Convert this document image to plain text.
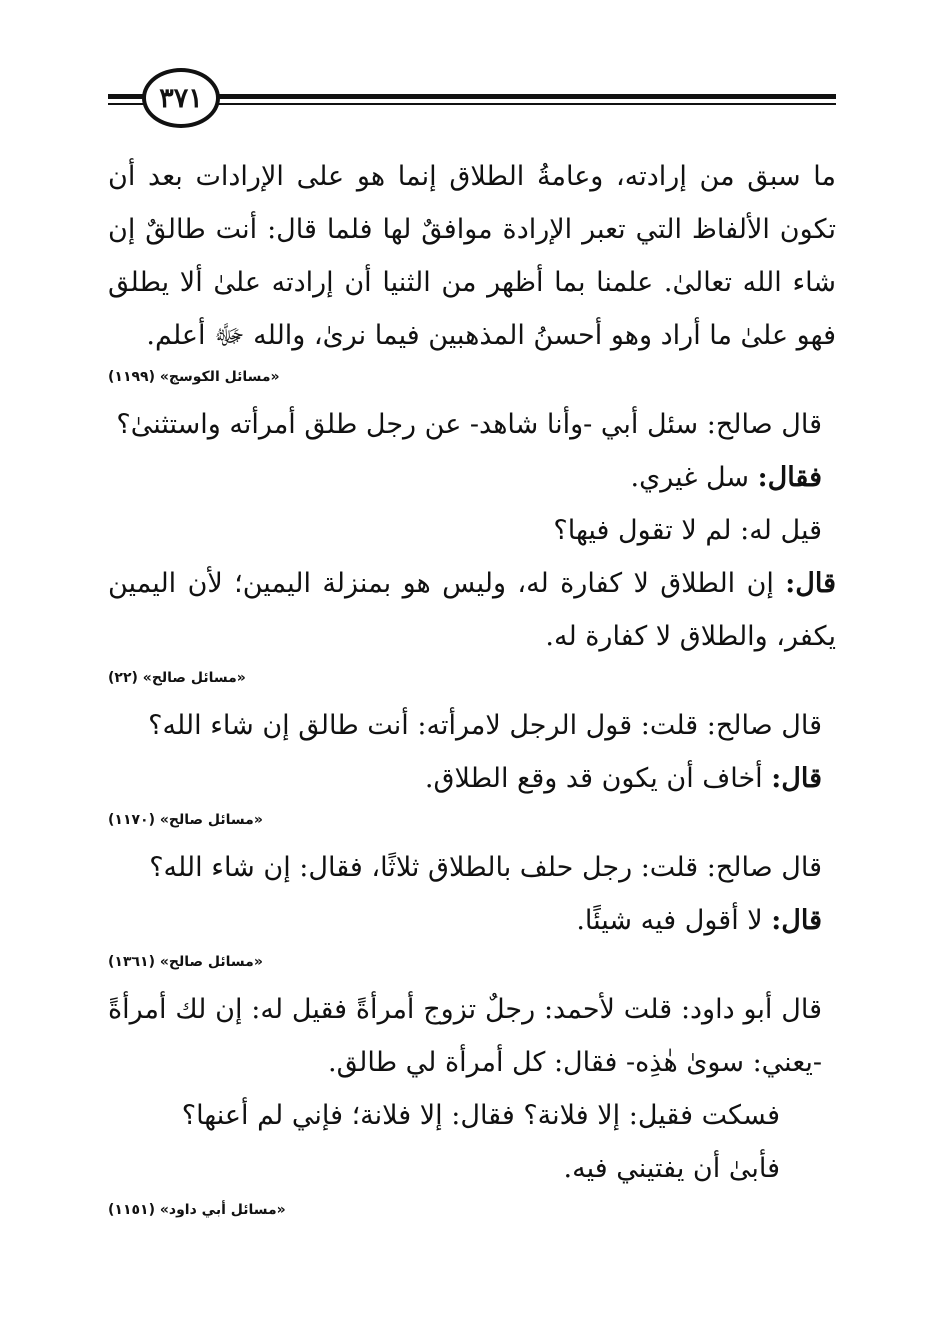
٣٧١

ما سبق من إرادته، وعامةُ الطلاق إنما هو على الإرادات بعد أن تكون الألفاظ التي تعبر الإرادة موافقٌ لها فلما قال: أنت طالقٌ إن شاء الله تعالىٰ. علمنا بما أظهر من الثنيا أن إرادته علىٰ ألا يطلق فهو علىٰ ما أراد وهو أحسنُ المذهبين فيما نرىٰ، والله ﷻ أعلم.

«مسائل الكوسج» (١١٩٩)

قال صالح: سئل أبي -وأنا شاهد- عن رجل طلق أمرأته واستثنىٰ؟

فقال: سل غيري.

قيل له: لم لا تقول فيها؟

قال: إن الطلاق لا كفارة له، وليس هو بمنزلة اليمين؛ لأن اليمين يكفر، والطلاق لا كفارة له.

«مسائل صالح» (٢٢)

قال صالح: قلت: قول الرجل لامرأته: أنت طالق إن شاء الله؟

قال: أخاف أن يكون قد وقع الطلاق.

«مسائل صالح» (١١٧٠)

قال صالح: قلت: رجل حلف بالطلاق ثلاثًا، فقال: إن شاء الله؟

قال: لا أقول فيه شيئًا.

«مسائل صالح» (١٣٦١)

قال أبو داود: قلت لأحمد: رجلٌ تزوج أمرأةً فقيل له: إن لك أمرأةً -يعني: سوىٰ هٰذِه- فقال: كل أمرأة لي طالق.

فسكت فقيل: إلا فلانة؟ فقال: إلا فلانة؛ فإني لم أعنها؟

فأبىٰ أن يفتيني فيه.

«مسائل أبي داود» (١١٥١)
